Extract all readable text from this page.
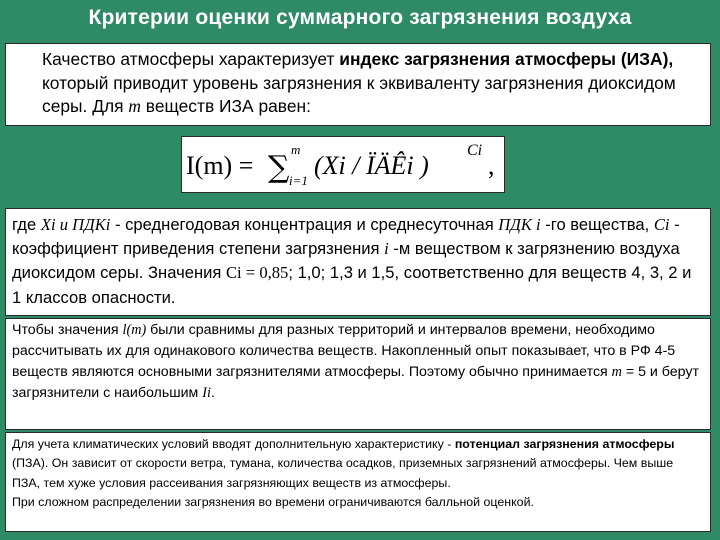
Критерии оценки суммарного загрязнения воздуха
Качество атмосферы характеризует индекс загрязнения атмосферы (ИЗА), который приводит уровень загрязнения к эквиваленту загрязнения диоксидом серы. Для m веществ ИЗА равен:
I(m) = ∑
m
i=1
(Xi / ÏÄÊi )
Ci
,
где Xi и ПДКi - среднегодовая концентрация и среднесуточная ПДК i -го вещества, Ci - коэффициент приведения степени загрязнения i -м веществом к загрязнению воздуха диоксидом серы. Значения Ci = 0,85; 1,0; 1,3 и 1,5, соответственно для веществ 4, 3, 2 и 1 классов опасности.
Чтобы значения l(m) были сравнимы для разных территорий и интервалов времени, необходимо рассчитывать их для одинакового количества веществ. Накопленный опыт показывает, что в РФ 4-5 веществ являются основными загрязнителями атмосферы. Поэтому обычно принимается m = 5 и берут загрязнители с наибольшим Ii.
Для учета климатических условий вводят дополнительную характеристику - потенциал загрязнения атмосферы (ПЗА). Он зависит от скорости ветра, тумана, количества осадков, приземных загрязнений атмосферы. Чем выше ПЗА, тем хуже условия рассеивания загрязняющих веществ из атмосферы.
При сложном распределении загрязнения во времени ограничиваются балльной оценкой.
